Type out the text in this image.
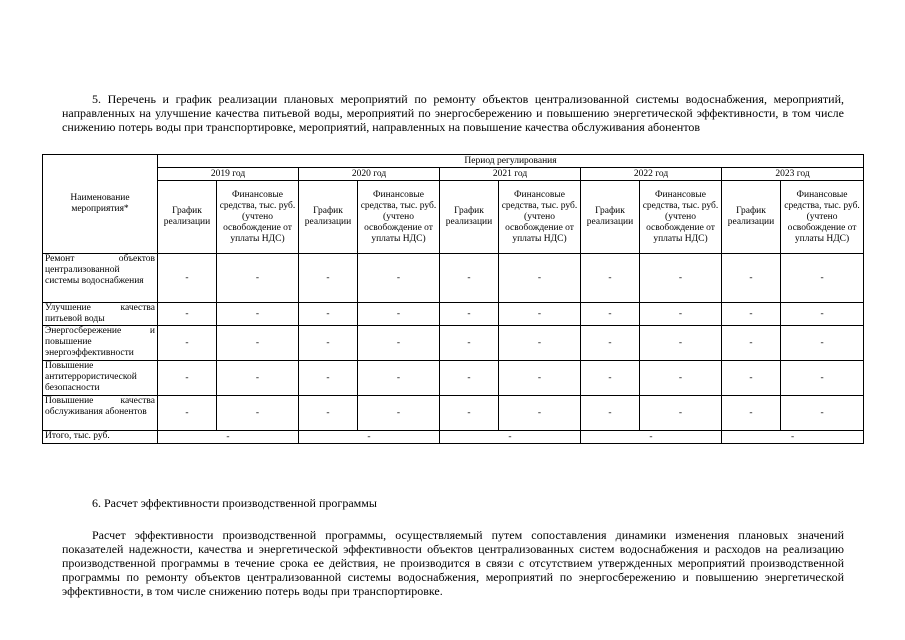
5. Перечень и график реализации плановых мероприятий по ремонту объектов централизованной системы водоснабжения, мероприятий, направленных на улучшение качества питьевой воды, мероприятий по энергосбережению и повышению энергетической эффективности, в том числе снижению потерь воды при транспортировке, мероприятий, направленных на повышение качества обслуживания абонентов

Наименование мероприятия*	Период регулирования									
	2019 год		2020 год		2021 год		2022 год		2023 год	
	График реализации	Финансовые средства, тыс. руб. (учтено освобождение от уплаты НДС)	График реализации	Финансовые средства, тыс. руб. (учтено освобождение от уплаты НДС)	График реализации	Финансовые средства, тыс. руб. (учтено освобождение от уплаты НДС)	График реализации	Финансовые средства, тыс. руб. (учтено освобождение от уплаты НДС)	График реализации	Финансовые средства, тыс. руб. (учтено освобождение от уплаты НДС)
Ремонт объектов централизованной системы водоснабжения	-	-	-	-	-	-	-	-	-	-
Улучшение качества питьевой воды	-	-	-	-	-	-	-	-	-	-
Энергосбережение и повышение энергоэффективности	-	-	-	-	-	-	-	-	-	-
Повышение антитеррористической безопасности	-	-	-	-	-	-	-	-	-	-
Повышение качества обслуживания абонентов	-	-	-	-	-	-	-	-	-	-
Итого, тыс. руб.	-		-		-		-		-	

6. Расчет эффективности производственной программы

Расчет эффективности производственной программы, осуществляемый путем сопоставления динамики изменения плановых значений показателей надежности, качества и энергетической эффективности объектов централизованных систем водоснабжения и расходов на реализацию производственной программы в течение срока ее действия, не производится в связи с отсутствием утвержденных мероприятий производственной программы по ремонту объектов централизованной системы водоснабжения, мероприятий по энергосбережению и повышению энергетической эффективности, в том числе снижению потерь воды при транспортировке.
